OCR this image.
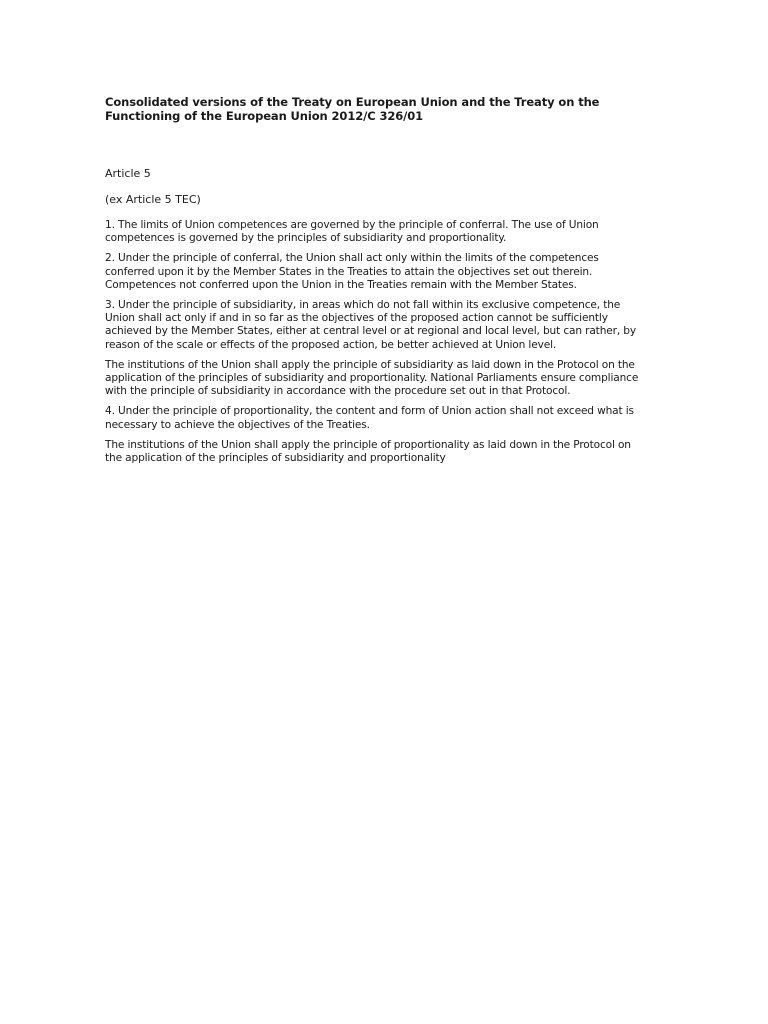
Consolidated versions of the Treaty on European Union and the Treaty on the Functioning of the European Union 2012/C 326/01
Article 5
(ex Article 5 TEC)

1. The limits of Union competences are governed by the principle of conferral. The use of Union competences is governed by the principles of subsidiarity and proportionality.

2. Under the principle of conferral, the Union shall act only within the limits of the competences conferred upon it by the Member States in the Treaties to attain the objectives set out therein. Competences not conferred upon the Union in the Treaties remain with the Member States.

3. Under the principle of subsidiarity, in areas which do not fall within its exclusive competence, the Union shall act only if and in so far as the objectives of the proposed action cannot be sufficiently achieved by the Member States, either at central level or at regional and local level, but can rather, by reason of the scale or effects of the proposed action, be better achieved at Union level.

The institutions of the Union shall apply the principle of subsidiarity as laid down in the Protocol on the application of the principles of subsidiarity and proportionality. National Parliaments ensure compliance with the principle of subsidiarity in accordance with the procedure set out in that Protocol.

4. Under the principle of proportionality, the content and form of Union action shall not exceed what is necessary to achieve the objectives of the Treaties.

The institutions of the Union shall apply the principle of proportionality as laid down in the Protocol on the application of the principles of subsidiarity and proportionality
